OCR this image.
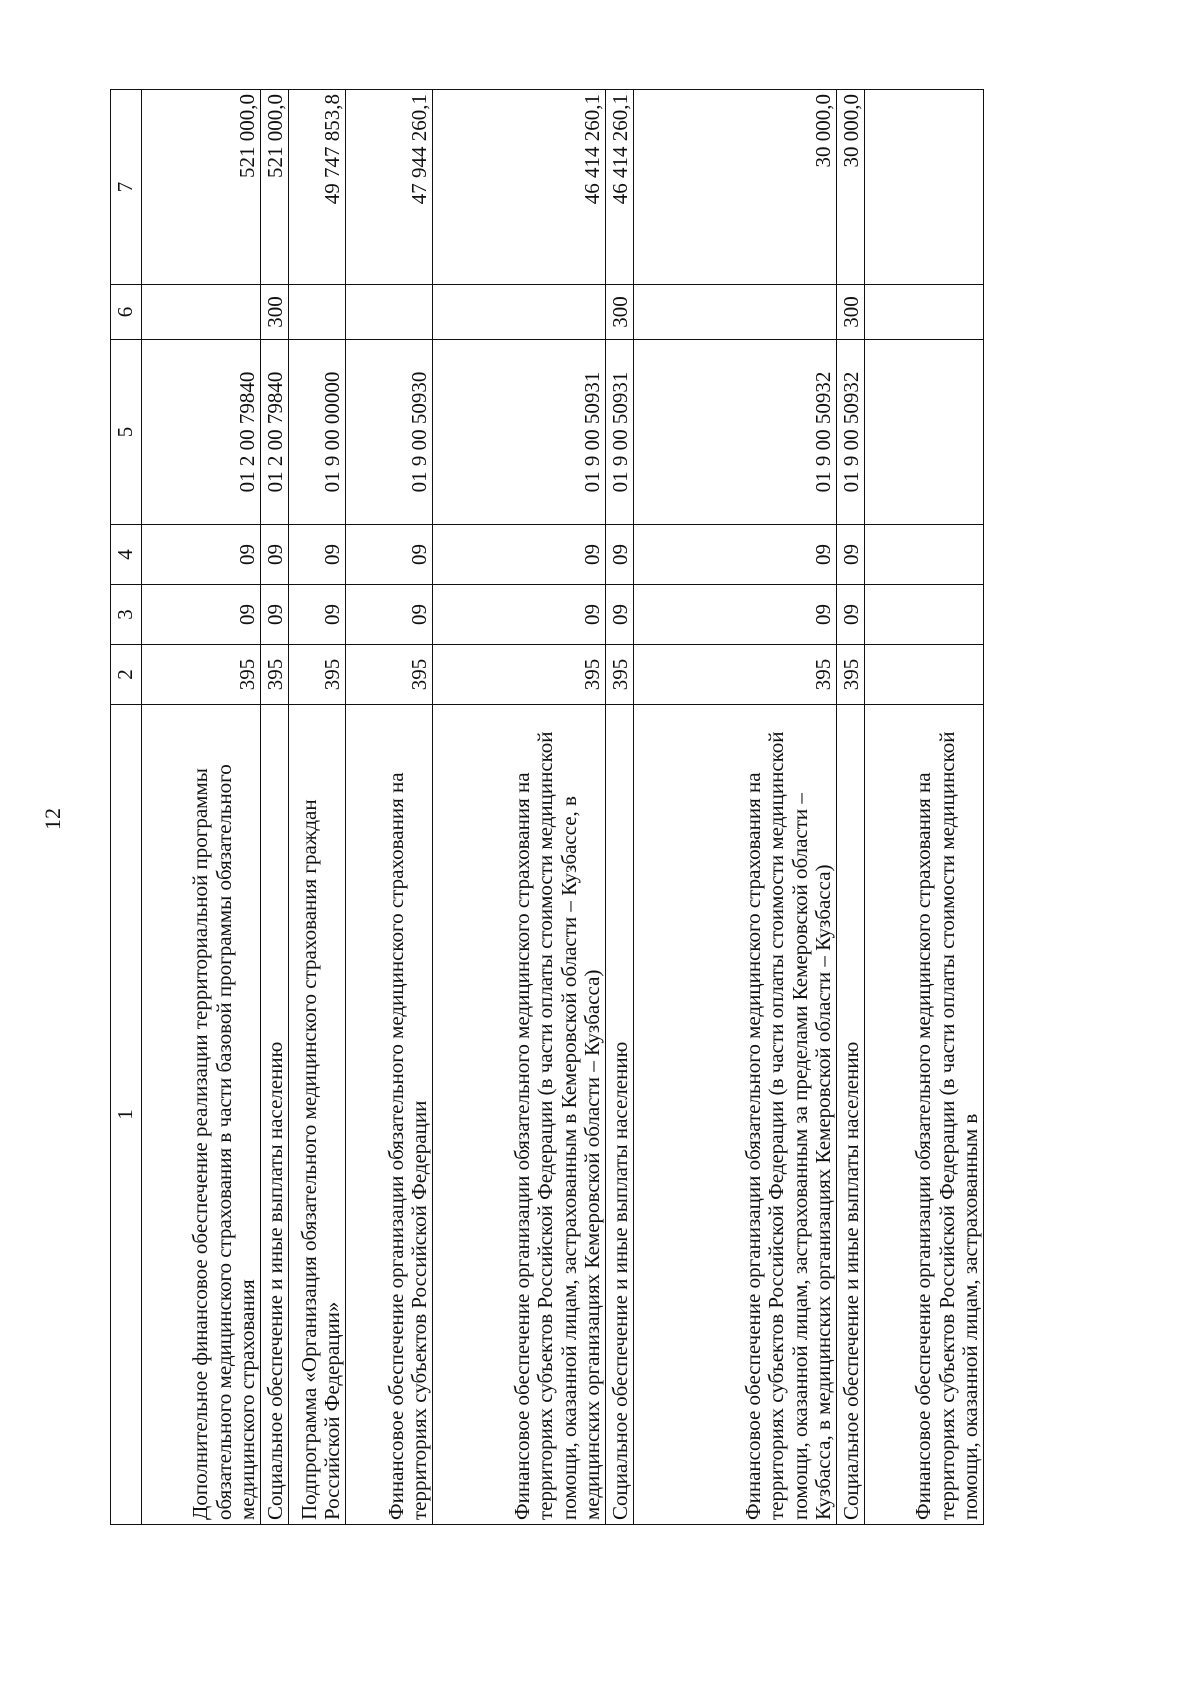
12
1	2	3	4	5	6	7
Дополнительное финансовое обеспечение реализации территориальной программы обязательного медицинского страхования в части базовой программы обязательного медицинского страхования	395	09	09	01 2 00 79840		521 000,0
Социальное обеспечение и иные выплаты населению	395	09	09	01 2 00 79840	300	521 000,0
Подпрограмма «Организация обязательного медицинского страхования граждан Российской Федерации»	395	09	09	01 9 00 00000		49 747 853,8
Финансовое обеспечение организации обязательного медицинского страхования на территориях субъектов Российской Федерации	395	09	09	01 9 00 50930		47 944 260,1
Финансовое обеспечение организации обязательного медицинского страхования на территориях субъектов Российской Федерации (в части оплаты стоимости медицинской помощи, оказанной лицам, застрахованным в Кемеровской области – Кузбассе, в медицинских организациях Кемеровской области – Кузбасса)	395	09	09	01 9 00 50931		46 414 260,1
Социальное обеспечение и иные выплаты населению	395	09	09	01 9 00 50931	300	46 414 260,1
Финансовое обеспечение организации обязательного медицинского страхования на территориях субъектов Российской Федерации (в части оплаты стоимости медицинской помощи, оказанной лицам, застрахованным за пределами Кемеровской области – Кузбасса, в медицинских организациях Кемеровской области – Кузбасса)	395	09	09	01 9 00 50932		30 000,0
Социальное обеспечение и иные выплаты населению	395	09	09	01 9 00 50932	300	30 000,0
Финансовое обеспечение организации обязательного медицинского страхования на территориях субъектов Российской Федерации (в части оплаты стоимости медицинской помощи, оказанной лицам, застрахованным в						
